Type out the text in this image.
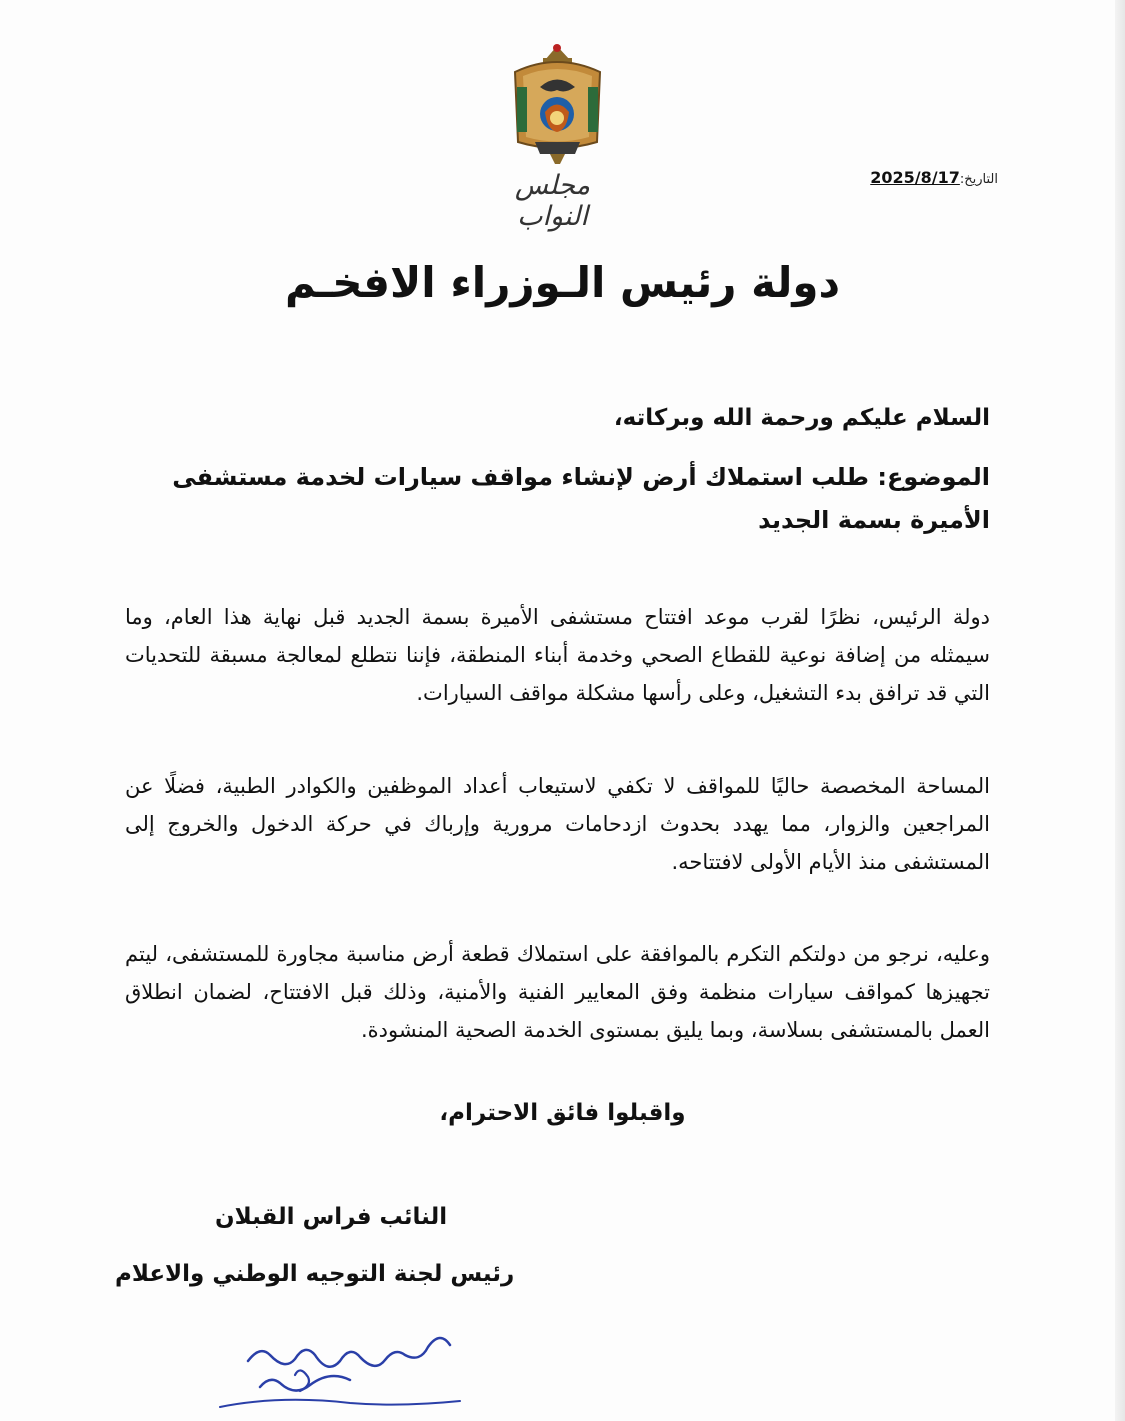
مجلس النواب
التاريخ:2025/8/17
دولة رئيس الـوزراء الافخـم
السلام عليكم ورحمة الله وبركاته،
الموضوع: طلب استملاك أرض لإنشاء مواقف سيارات لخدمة مستشفى الأميرة بسمة الجديد

دولة الرئيس، نظرًا لقرب موعد افتتاح مستشفى الأميرة بسمة الجديد قبل نهاية هذا العام، وما سيمثله من إضافة نوعية للقطاع الصحي وخدمة أبناء المنطقة، فإننا نتطلع لمعالجة مسبقة للتحديات التي قد ترافق بدء التشغيل، وعلى رأسها مشكلة مواقف السيارات.

المساحة المخصصة حاليًا للمواقف لا تكفي لاستيعاب أعداد الموظفين والكوادر الطبية، فضلًا عن المراجعين والزوار، مما يهدد بحدوث ازدحامات مرورية وإرباك في حركة الدخول والخروج إلى المستشفى منذ الأيام الأولى لافتتاحه.

وعليه، نرجو من دولتكم التكرم بالموافقة على استملاك قطعة أرض مناسبة مجاورة للمستشفى، ليتم تجهيزها كمواقف سيارات منظمة وفق المعايير الفنية والأمنية، وذلك قبل الافتتاح، لضمان انطلاق العمل بالمستشفى بسلاسة، وبما يليق بمستوى الخدمة الصحية المنشودة.

واقبلوا فائق الاحترام،
النائب فراس القبلان
رئيس لجنة التوجيه الوطني والاعلام
